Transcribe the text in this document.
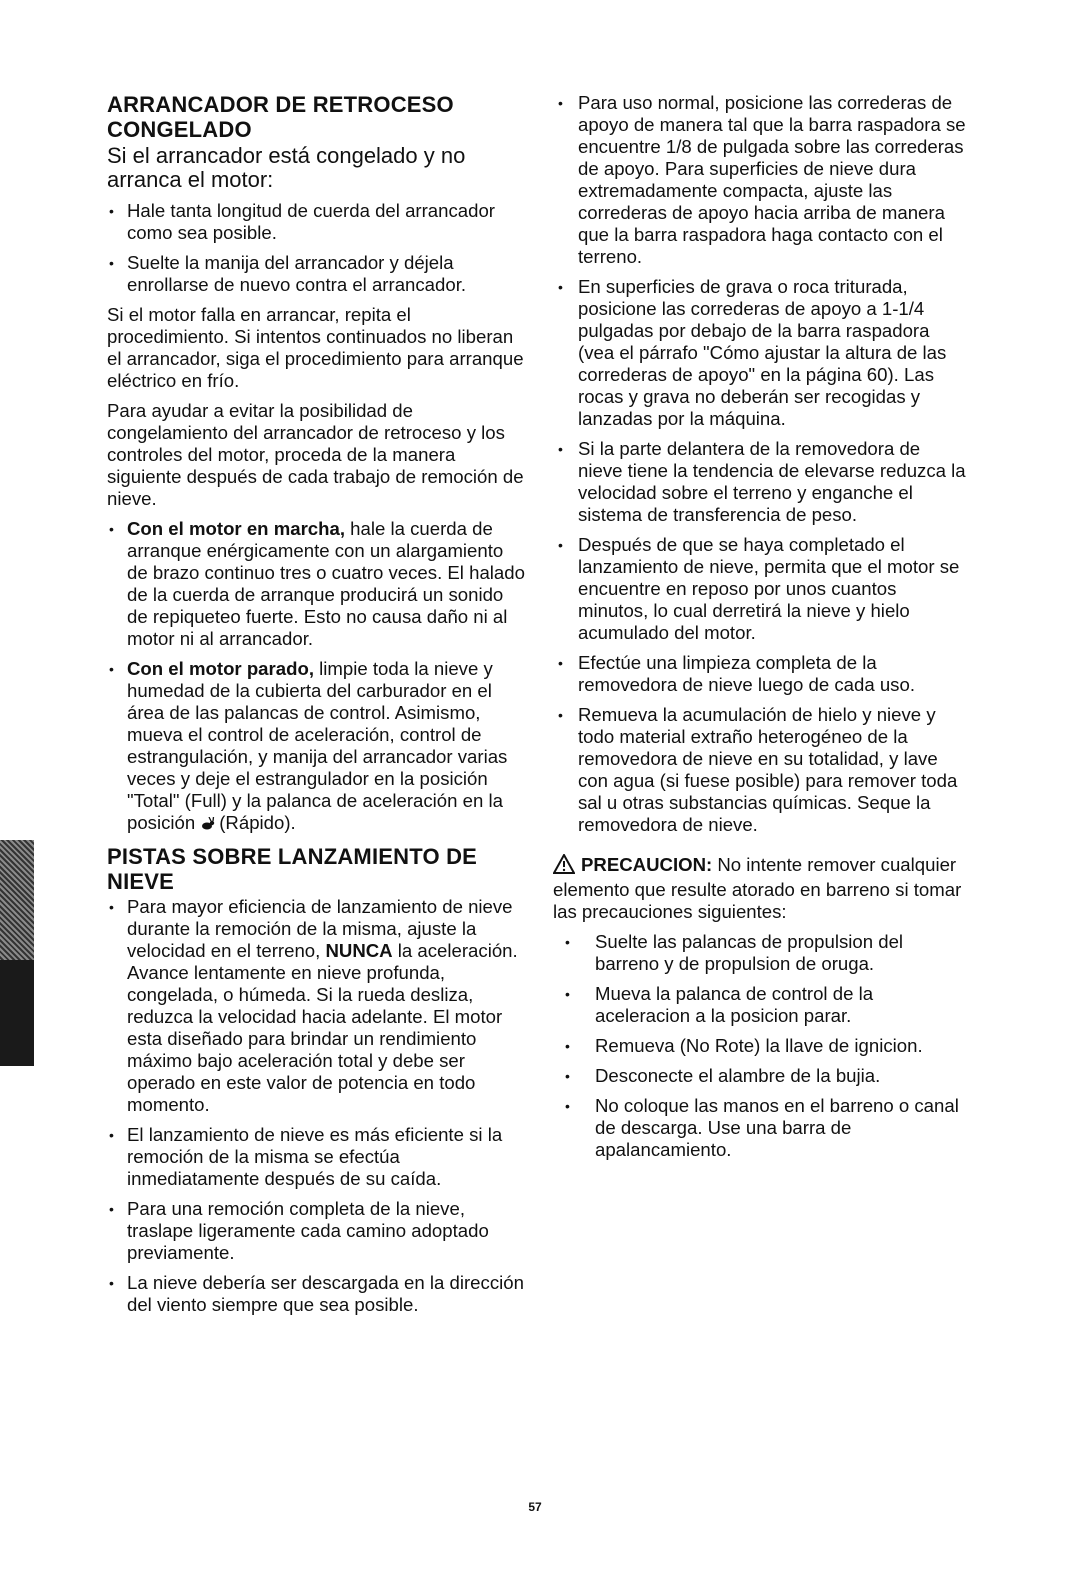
ARRANCADOR DE RETROCESO CONGELADO
Si el arrancador está congelado y no arranca el motor:
• Hale tanta longitud de cuerda del arrancador como sea posible.
• Suelte la manija del arrancador y déjela enrollarse de nuevo contra el arrancador.

Si el motor falla en arrancar, repita el procedimiento. Si intentos continuados no liberan el arrancador, siga el procedimiento para arranque eléctrico en frío.

Para ayudar a evitar la posibilidad de congelamiento del arrancador de retroceso y los controles del motor, proceda de la manera siguiente después de cada trabajo de remoción de nieve.

• Con el motor en marcha, hale la cuerda de arranque enérgicamente con un alargamiento de brazo continuo tres o cuatro veces. El halado de la cuerda de arranque producirá un sonido de repiqueteo fuerte. Esto no causa daño ni al motor ni al arrancador.
• Con el motor parado, limpie toda la nieve y humedad de la cubierta del carburador en el área de las palancas de control. Asimismo, mueva el control de aceleración, control de estrangulación, y manija del arrancador varias veces y deje el estrangulador en la posición "Total" (Full) y la palanca de aceleración en la posición (Rápido).
PISTAS SOBRE LANZAMIENTO DE NIEVE
• Para mayor eficiencia de lanzamiento de nieve durante la remoción de la misma, ajuste la velocidad en el terreno, NUNCA la aceleración. Avance lentamente en nieve profunda, congelada, o húmeda. Si la rueda desliza, reduzca la velocidad hacia adelante. El motor esta diseñado para brindar un rendimiento máximo bajo aceleración total y debe ser operado en este valor de potencia en todo momento.
• El lanzamiento de nieve es más eficiente si la remoción de la misma se efectúa inmediatamente después de su caída.
• Para una remoción completa de la nieve, traslape ligeramente cada camino adoptado previamente.
• La nieve debería ser descargada en la dirección del viento siempre que sea posible.
• Para uso normal, posicione las correderas de apoyo de manera tal que la barra raspadora se encuentre 1/8 de pulgada sobre las correderas de apoyo. Para superficies de nieve dura extremadamente compacta, ajuste las correderas de apoyo hacia arriba de manera que la barra raspadora haga contacto con el terreno.
• En superficies de grava o roca triturada, posicione las correderas de apoyo a 1-1/4 pulgadas por debajo de la barra raspadora (vea el párrafo "Cómo ajustar la altura de las correderas de apoyo" en la página 60). Las rocas y grava no deberán ser recogidas y lanzadas por la máquina.
• Si la parte delantera de la removedora de nieve tiene la tendencia de elevarse reduzca la velocidad sobre el terreno y enganche el sistema de transferencia de peso.
• Después de que se haya completado el lanzamiento de nieve, permita que el motor se encuentre en reposo por unos cuantos minutos, lo cual derretirá la nieve y hielo acumulado del motor.
• Efectúe una limpieza completa de la removedora de nieve luego de cada uso.
• Remueva la acumulación de hielo y nieve y todo material extraño heterogéneo de la removedora de nieve en su totalidad, y lave con agua (si fuese posible) para remover toda sal u otras substancias químicas. Seque la removedora de nieve.

PRECAUCION: No intente remover cualquier elemento que resulte atorado en barreno si tomar las precauciones siguientes:

• Suelte las palancas de propulsion del barreno y de propulsion de oruga.
• Mueva la palanca de control de la aceleracion a la posicion parar.
• Remueva (No Rote) la llave de ignicion.
• Desconecte el alambre de la bujia.
• No coloque las manos en el barreno o canal de descarga. Use una barra de apalancamiento.
57
